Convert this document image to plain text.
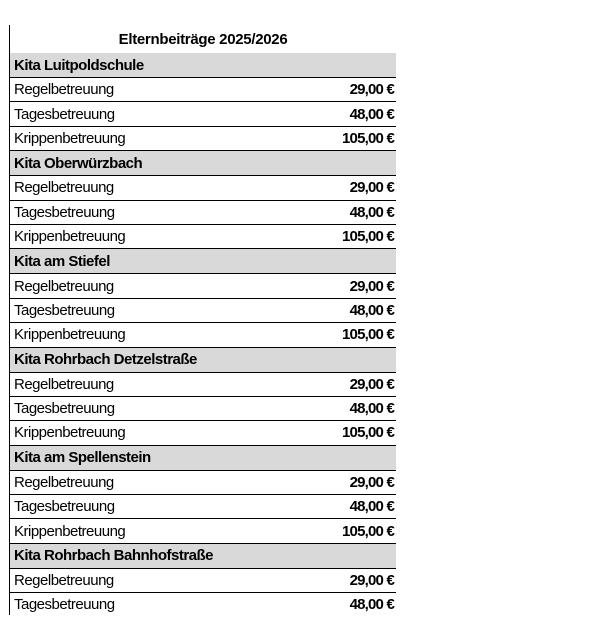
Elternbeiträge 2025/2026
Kita Luitpoldschule	
Regelbetreuung	29,00 €
Tagesbetreuung	48,00 €
Krippenbetreuung	105,00 €
Kita Oberwürzbach	
Regelbetreuung	29,00 €
Tagesbetreuung	48,00 €
Krippenbetreuung	105,00 €
Kita am Stiefel	
Regelbetreuung	29,00 €
Tagesbetreuung	48,00 €
Krippenbetreuung	105,00 €
Kita Rohrbach Detzelstraße	
Regelbetreuung	29,00 €
Tagesbetreuung	48,00 €
Krippenbetreuung	105,00 €
Kita am Spellenstein	
Regelbetreuung	29,00 €
Tagesbetreuung	48,00 €
Krippenbetreuung	105,00 €
Kita Rohrbach Bahnhofstraße	
Regelbetreuung	29,00 €
Tagesbetreuung	48,00 €
